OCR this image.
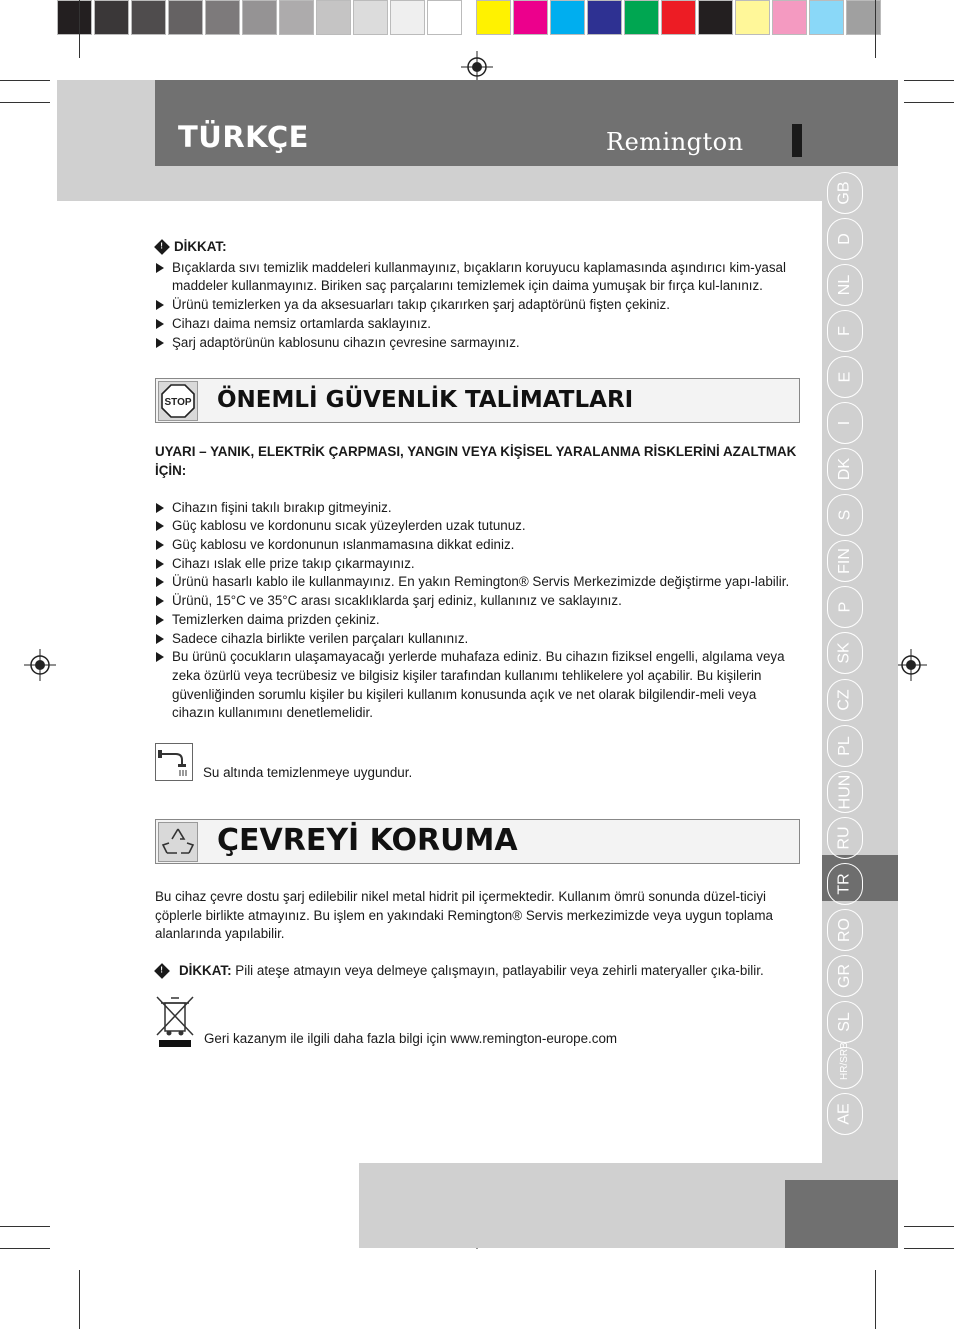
TÜRKÇE	Remington
GB
D
NL
F
E
I
DK
S
FIN
P
SK
CZ
PL
HUN
RU
TR
RO
GR
SL
HR/SRB
AE
! DİKKAT:
Bıçaklarda sıvı temizlik maddeleri kullanmayınız, bıçakların koruyucu kaplamasında aşındırıcı kim-yasal maddeler kullanmayınız. Biriken saç parçalarını temizlemek için daima yumuşak bir fırça kul-lanınız.
Ürünü temizlerken ya da aksesuarları takıp çıkarırken şarj adaptörünü fişten çekiniz.
Cihazı daima nemsiz ortamlarda saklayınız.
Şarj adaptörünün kablosunu cihazın çevresine sarmayınız.
STOP ÖNEMLİ GÜVENLİK TALİMATLARI

UYARI – YANIK, ELEKTRİK ÇARPMASI, YANGIN VEYA KİŞİSEL YARALANMA RİSKLERİNİ AZALTMAK İÇİN:

Cihazın fişini takılı bırakıp gitmeyiniz.
Güç kablosu ve kordonunu sıcak yüzeylerden uzak tutunuz.
Güç kablosu ve kordonunun ıslanmamasına dikkat ediniz.
Cihazı ıslak elle prize takıp çıkarmayınız.
Ürünü hasarlı kablo ile kullanmayınız. En yakın Remington® Servis Merkezimizde değiştirme yapı-labilir.
Ürünü, 15°C ve 35°C arası sıcaklıklarda şarj ediniz, kullanınız ve saklayınız.
Temizlerken daima prizden çekiniz.
Sadece cihazla birlikte verilen parçaları kullanınız.
Bu ürünü çocukların ulaşamayacağı yerlerde muhafaza ediniz. Bu cihazın fiziksel engelli, algılama veya zeka özürlü veya tecrübesiz ve bilgisiz kişiler tarafından kullanımı tehlikelere yol açabilir. Bu kişilerin güvenliğinden sorumlu kişiler bu kişileri kullanım konusunda açık ve net olarak bilgilendir-meli veya cihazın kullanımını denetlemelidir.
Su altında temizlenmeye uygundur.
ÇEVREYİ KORUMA

Bu cihaz çevre dostu şarj edilebilir nikel metal hidrit pil içermektedir. Kullanım ömrü sonunda düzel-ticiyi çöplerle birlikte atmayınız. Bu işlem en yakındaki Remington® Servis merkezimizde veya uygun toplama alanlarında yapılabilir.

! DİKKAT: Pili ateşe atmayın veya delmeye çalışmayın, patlayabilir veya zehirli materyaller çıka-bilir.

Geri kazanym ile ilgili daha fazla bilgi için www.remington-europe.com
